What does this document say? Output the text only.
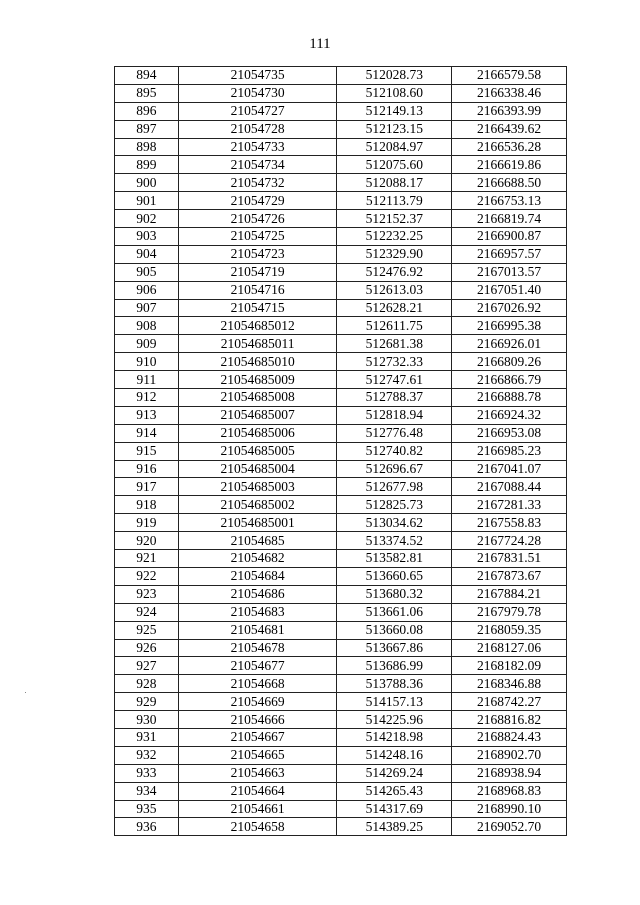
111
894	21054735	512028.73	2166579.58
895	21054730	512108.60	2166338.46
896	21054727	512149.13	2166393.99
897	21054728	512123.15	2166439.62
898	21054733	512084.97	2166536.28
899	21054734	512075.60	2166619.86
900	21054732	512088.17	2166688.50
901	21054729	512113.79	2166753.13
902	21054726	512152.37	2166819.74
903	21054725	512232.25	2166900.87
904	21054723	512329.90	2166957.57
905	21054719	512476.92	2167013.57
906	21054716	512613.03	2167051.40
907	21054715	512628.21	2167026.92
908	21054685012	512611.75	2166995.38
909	21054685011	512681.38	2166926.01
910	21054685010	512732.33	2166809.26
911	21054685009	512747.61	2166866.79
912	21054685008	512788.37	2166888.78
913	21054685007	512818.94	2166924.32
914	21054685006	512776.48	2166953.08
915	21054685005	512740.82	2166985.23
916	21054685004	512696.67	2167041.07
917	21054685003	512677.98	2167088.44
918	21054685002	512825.73	2167281.33
919	21054685001	513034.62	2167558.83
920	21054685	513374.52	2167724.28
921	21054682	513582.81	2167831.51
922	21054684	513660.65	2167873.67
923	21054686	513680.32	2167884.21
924	21054683	513661.06	2167979.78
925	21054681	513660.08	2168059.35
926	21054678	513667.86	2168127.06
927	21054677	513686.99	2168182.09
928	21054668	513788.36	2168346.88
929	21054669	514157.13	2168742.27
930	21054666	514225.96	2168816.82
931	21054667	514218.98	2168824.43
932	21054665	514248.16	2168902.70
933	21054663	514269.24	2168938.94
934	21054664	514265.43	2168968.83
935	21054661	514317.69	2168990.10
936	21054658	514389.25	2169052.70
